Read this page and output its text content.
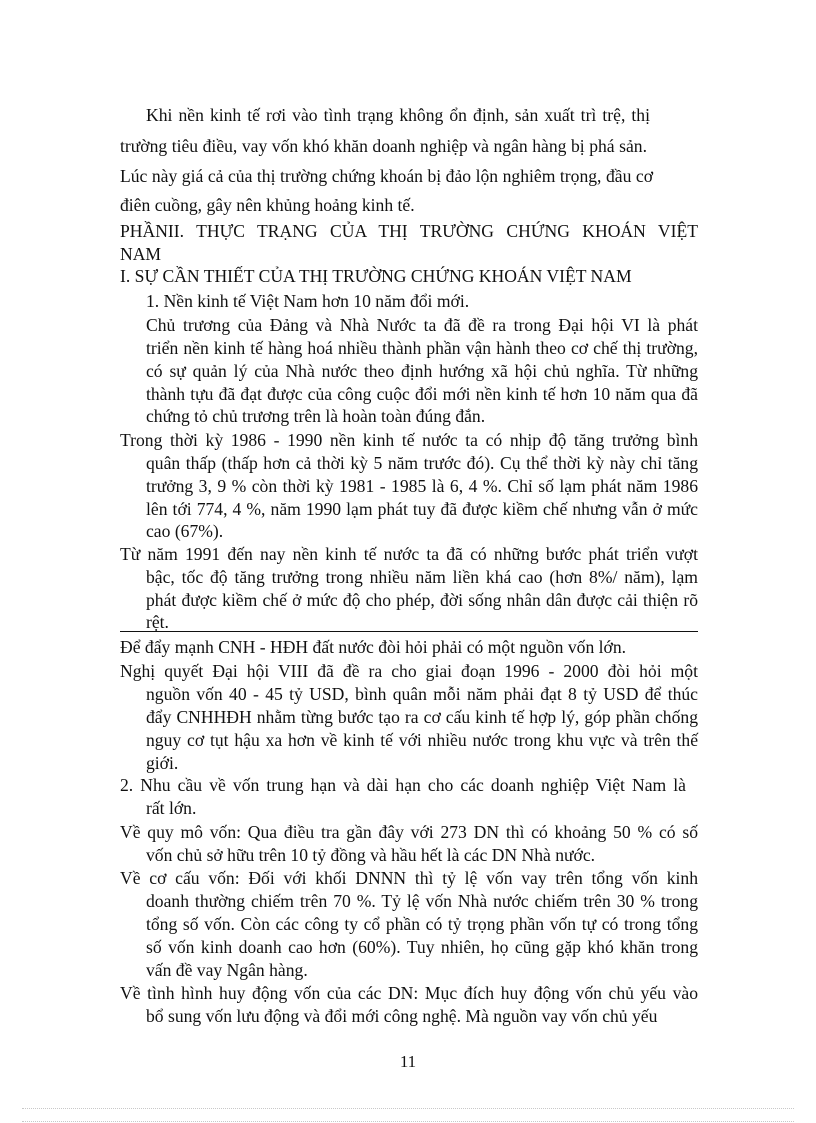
Khi nền kinh tế rơi vào tình trạng không ổn định, sản xuất trì trệ, thị
trường tiêu điều, vay vốn khó khăn doanh nghiệp và ngân hàng bị phá sản.
Lúc này giá cả của thị trường chứng khoán bị đảo lộn nghiêm trọng, đầu cơ
điên cuồng, gây nên khủng hoảng kinh tế.
PHẦNII. THỰC TRẠNG CỦA THỊ TRƯỜNG CHỨNG KHOÁN VIỆT
NAM
I. SỰ CẦN THIẾT CỦA THỊ TRƯỜNG CHỨNG KHOÁN VIỆT NAM
1. Nền kinh tế Việt Nam hơn 10 năm đổi mới.
Chủ trương của Đảng và Nhà Nước ta đã đề ra trong Đại hội VI là phát
triển nền kinh tế hàng hoá nhiều thành phần vận hành theo cơ chế thị trường,
có sự quản lý của Nhà nước theo định hướng xã hội chủ nghĩa. Từ những
thành tựu đã đạt được của công cuộc đổi mới nền kinh tế hơn 10 năm qua đã
chứng tỏ chủ trương trên là hoàn toàn đúng đắn.
Trong thời kỳ 1986 - 1990 nền kinh tế nước ta có nhịp độ tăng trưởng bình
quân thấp (thấp hơn cả thời kỳ 5 năm trước đó). Cụ thể thời kỳ này chỉ tăng
trưởng 3, 9 % còn thời kỳ 1981 - 1985 là 6, 4 %. Chỉ số lạm phát năm 1986
lên tới 774, 4 %, năm 1990 lạm phát tuy đã được kiềm chế nhưng vẫn ở mức
cao (67%).
Từ năm 1991 đến nay nền kinh tế nước ta đã có những bước phát triển vượt
bậc, tốc độ tăng trưởng trong nhiều năm liền khá cao (hơn 8%/ năm), lạm
phát được kiềm chế ở mức độ cho phép, đời sống nhân dân được cải thiện rõ
rệt.
Để đẩy mạnh CNH - HĐH đất nước đòi hỏi phải có một nguồn vốn lớn.
Nghị quyết Đại hội VIII đã đề ra cho giai đoạn 1996 - 2000 đòi hỏi một
nguồn vốn 40 - 45 tỷ USD, bình quân mỗi năm phải đạt 8 tỷ USD để thúc
đẩy CNHHĐH nhằm từng bước tạo ra cơ cấu kinh tế hợp lý, góp phần chống
nguy cơ tụt hậu xa hơn về kinh tế với nhiều nước trong khu vực và trên thế
giới.
2. Nhu cầu về vốn trung hạn và dài hạn cho các doanh nghiệp Việt Nam là
rất lớn.
Về quy mô vốn: Qua điều tra gần đây với 273 DN thì có khoảng 50 % có số
vốn chủ sở hữu trên 10 tỷ đồng và hầu hết là các DN Nhà nước.
Về cơ cấu vốn: Đối với khối DNNN thì tỷ lệ vốn vay trên tổng vốn kinh
doanh thường chiếm trên 70 %. Tỷ lệ vốn Nhà nước chiếm trên 30 % trong
tổng số vốn. Còn các công ty cổ phần có tỷ trọng phần vốn tự có trong tổng
số vốn kinh doanh cao hơn (60%). Tuy nhiên, họ cũng gặp khó khăn trong
vấn đề vay Ngân hàng.
Về tình hình huy động vốn của các DN: Mục đích huy động vốn chủ yếu vào
bổ sung vốn lưu động và đổi mới công nghệ. Mà nguồn vay vốn chủ yếu
11
